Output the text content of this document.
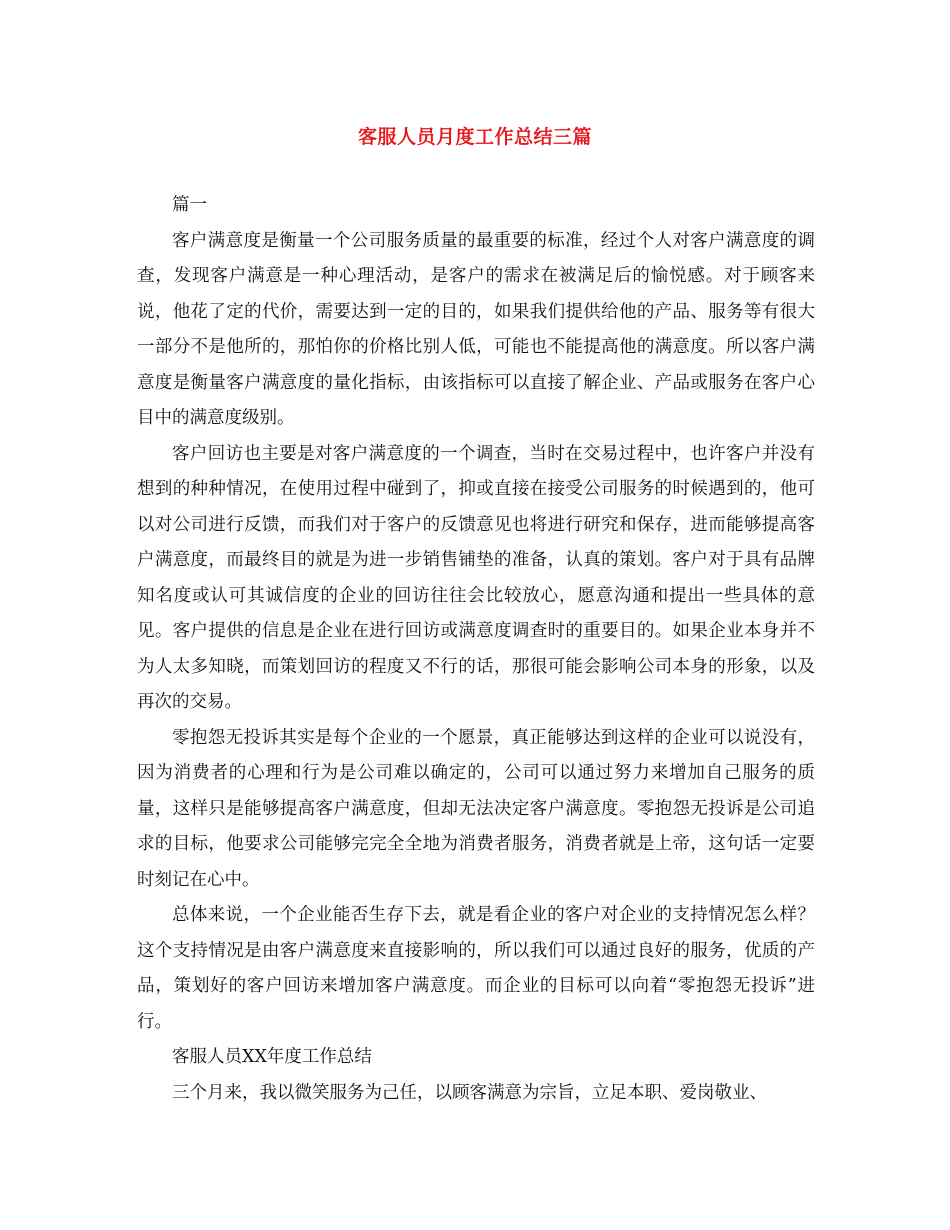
客服人员月度工作总结三篇

篇一

客户满意度是衡量一个公司服务质量的最重要的标准，经过个人对客户满意度的调查，发现客户满意是一种心理活动，是客户的需求在被满足后的愉悦感。对于顾客来说，他花了定的代价，需要达到一定的目的，如果我们提供给他的产品、服务等有很大一部分不是他所的，那怕你的价格比别人低，可能也不能提高他的满意度。所以客户满意度是衡量客户满意度的量化指标，由该指标可以直接了解企业、产品或服务在客户心目中的满意度级别。

客户回访也主要是对客户满意度的一个调查，当时在交易过程中，也许客户并没有想到的种种情况，在使用过程中碰到了，抑或直接在接受公司服务的时候遇到的，他可以对公司进行反馈，而我们对于客户的反馈意见也将进行研究和保存，进而能够提高客户满意度，而最终目的就是为进一步销售铺垫的准备，认真的策划。客户对于具有品牌知名度或认可其诚信度的企业的回访往往会比较放心，愿意沟通和提出一些具体的意见。客户提供的信息是企业在进行回访或满意度调查时的重要目的。如果企业本身并不为人太多知晓，而策划回访的程度又不行的话，那很可能会影响公司本身的形象，以及再次的交易。

零抱怨无投诉其实是每个企业的一个愿景，真正能够达到这样的企业可以说没有，因为消费者的心理和行为是公司难以确定的，公司可以通过努力来增加自己服务的质量，这样只是能够提高客户满意度，但却无法决定客户满意度。零抱怨无投诉是公司追求的目标，他要求公司能够完完全全地为消费者服务，消费者就是上帝，这句话一定要时刻记在心中。

总体来说，一个企业能否生存下去，就是看企业的客户对企业的支持情况怎么样？这个支持情况是由客户满意度来直接影响的，所以我们可以通过良好的服务，优质的产品，策划好的客户回访来增加客户满意度。而企业的目标可以向着“零抱怨无投诉”进行。

客服人员XX年度工作总结

三个月来，我以微笑服务为己任，以顾客满意为宗旨，立足本职、爱岗敬业、
